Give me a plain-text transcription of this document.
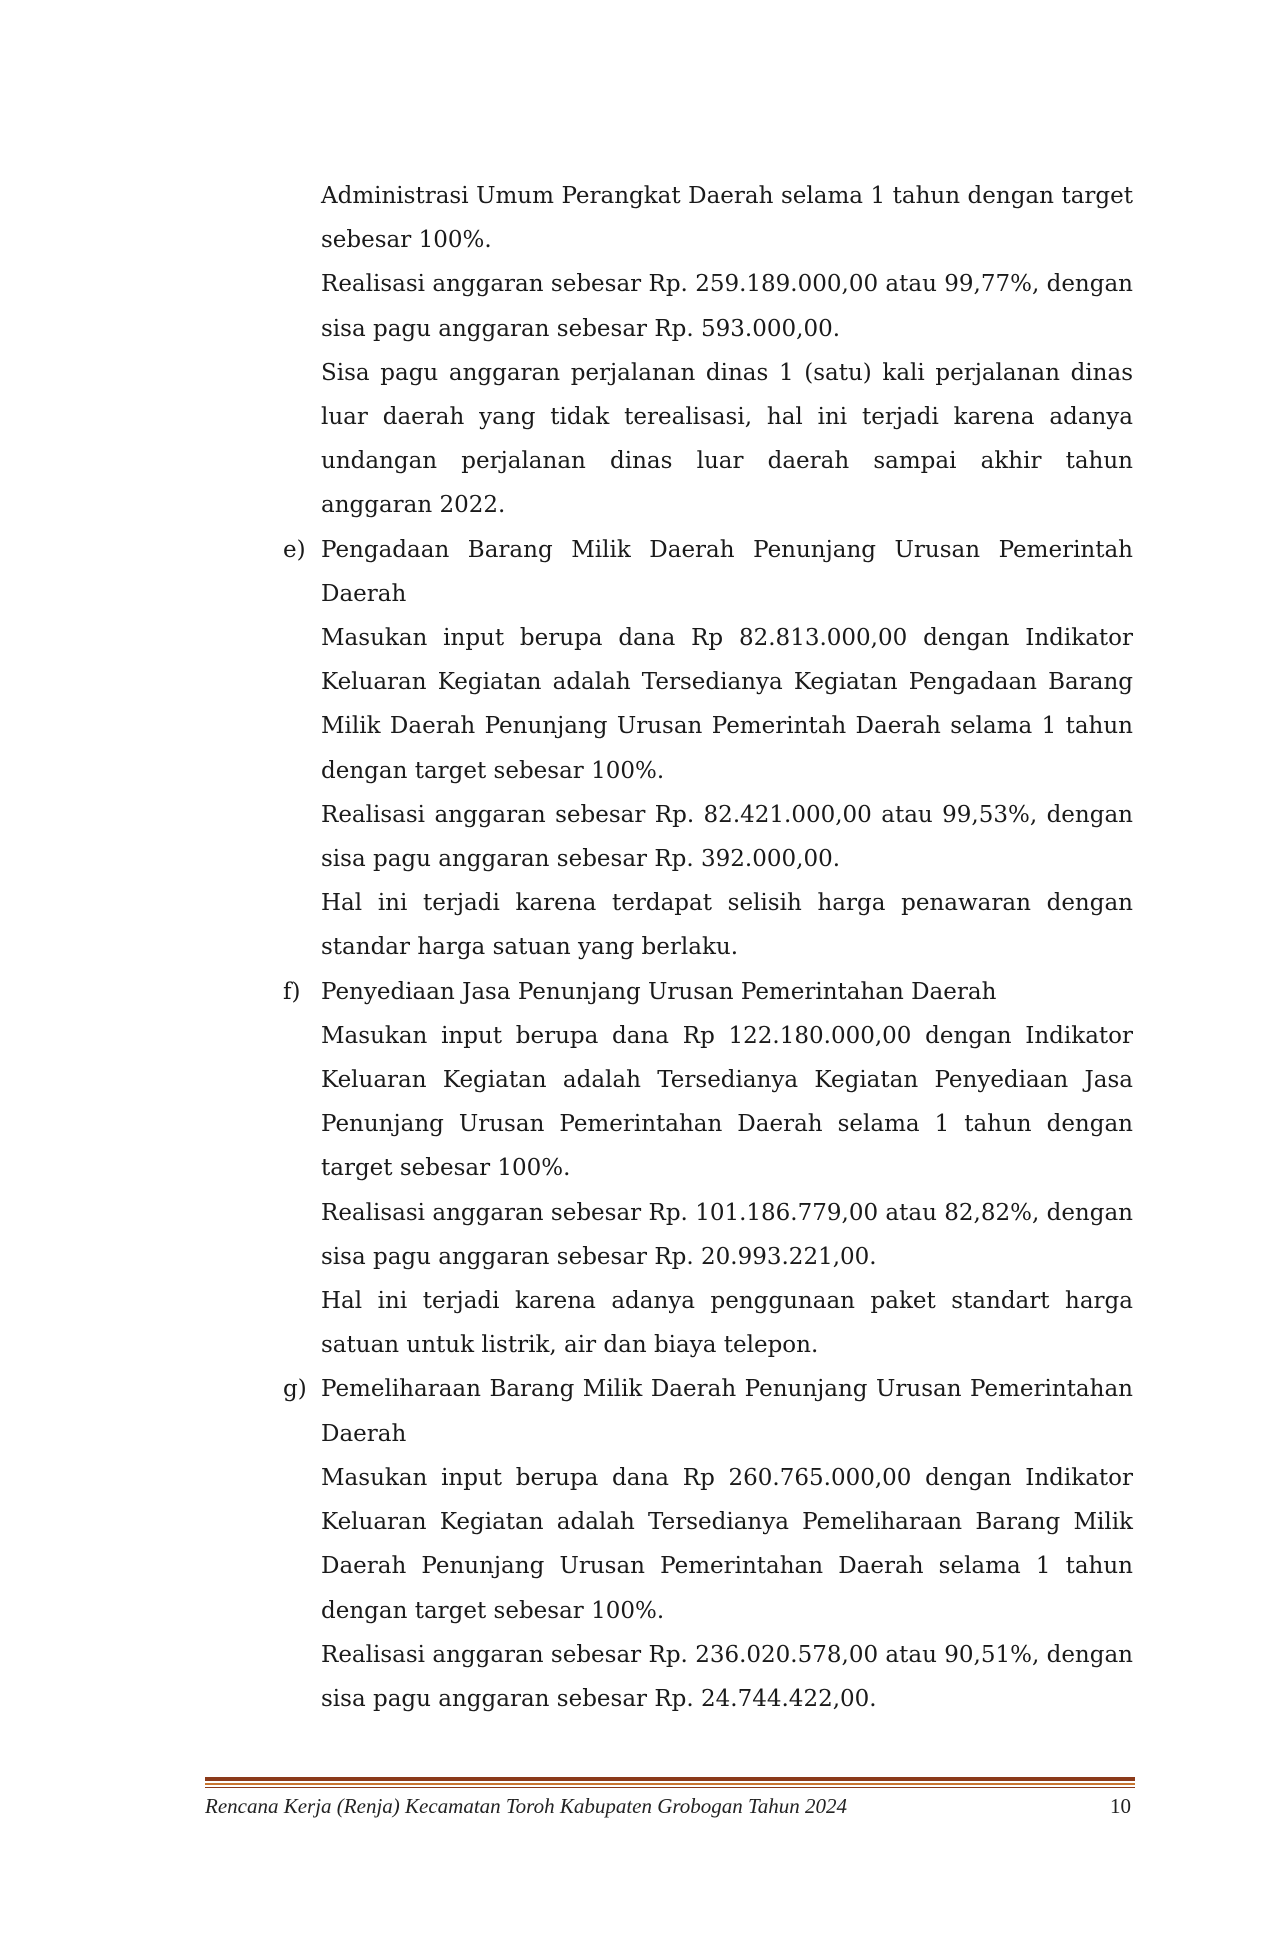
Administrasi Umum Perangkat Daerah selama 1 tahun dengan target sebesar 100%.

Realisasi anggaran sebesar Rp. 259.189.000,00 atau 99,77%, dengan sisa pagu anggaran sebesar Rp. 593.000,00.

Sisa pagu anggaran perjalanan dinas 1 (satu) kali perjalanan dinas luar daerah yang tidak terealisasi, hal ini terjadi karena adanya undangan perjalanan dinas luar daerah sampai akhir tahun anggaran 2022.

e) Pengadaan Barang Milik Daerah Penunjang Urusan Pemerintah Daerah

Masukan input berupa dana Rp 82.813.000,00 dengan Indikator Keluaran Kegiatan adalah Tersedianya Kegiatan Pengadaan Barang Milik Daerah Penunjang Urusan Pemerintah Daerah selama 1 tahun dengan target sebesar 100%.

Realisasi anggaran sebesar Rp. 82.421.000,00 atau 99,53%, dengan sisa pagu anggaran sebesar Rp. 392.000,00.

Hal ini terjadi karena terdapat selisih harga penawaran dengan standar harga satuan yang berlaku.

f) Penyediaan Jasa Penunjang Urusan Pemerintahan Daerah

Masukan input berupa dana Rp 122.180.000,00 dengan Indikator Keluaran Kegiatan adalah Tersedianya Kegiatan Penyediaan Jasa Penunjang Urusan Pemerintahan Daerah selama 1 tahun dengan target sebesar 100%.

Realisasi anggaran sebesar Rp. 101.186.779,00 atau 82,82%, dengan sisa pagu anggaran sebesar Rp. 20.993.221,00.

Hal ini terjadi karena adanya penggunaan paket standart harga satuan untuk listrik, air dan biaya telepon.

g) Pemeliharaan Barang Milik Daerah Penunjang Urusan Pemerintahan Daerah

Masukan input berupa dana Rp 260.765.000,00 dengan Indikator Keluaran Kegiatan adalah Tersedianya Pemeliharaan Barang Milik Daerah Penunjang Urusan Pemerintahan Daerah selama 1 tahun dengan target sebesar 100%.

Realisasi anggaran sebesar Rp. 236.020.578,00 atau 90,51%, dengan sisa pagu anggaran sebesar Rp. 24.744.422,00.

Rencana Kerja (Renja) Kecamatan Toroh Kabupaten Grobogan Tahun 2024	10
